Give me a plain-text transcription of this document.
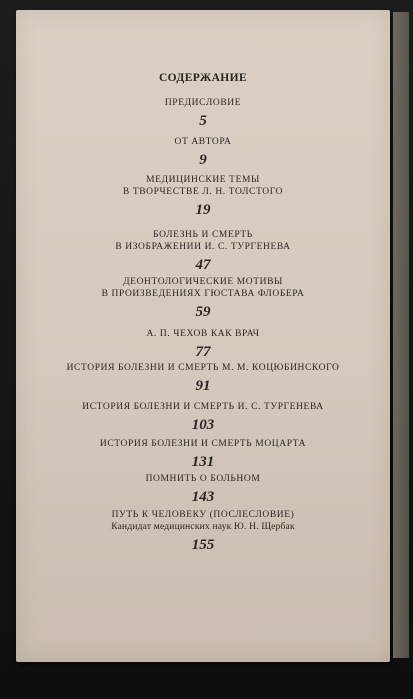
СОДЕРЖАНИЕ
ПРЕДИСЛОВИЕ
5
ОТ АВТОРА
9
МЕДИЦИНСКИЕ ТЕМЫ
В ТВОРЧЕСТВЕ Л. Н. ТОЛСТОГО
19
БОЛЕЗНЬ И СМЕРТЬ
В ИЗОБРАЖЕНИИ И. С. ТУРГЕНЕВА
47
ДЕОНТОЛОГИЧЕСКИЕ МОТИВЫ
В ПРОИЗВЕДЕНИЯХ ГЮСТАВА ФЛОБЕРА
59
А. П. ЧЕХОВ КАК ВРАЧ
77
ИСТОРИЯ БОЛЕЗНИ И СМЕРТЬ М. М. КОЦЮБИНСКОГО
91
ИСТОРИЯ БОЛЕЗНИ И СМЕРТЬ И. С. ТУРГЕНЕВА
103
ИСТОРИЯ БОЛЕЗНИ И СМЕРТЬ МОЦАРТА
131
ПОМНИТЬ О БОЛЬНОМ
143
ПУТЬ К ЧЕЛОВЕКУ (ПОСЛЕСЛОВИЕ)
Кандидат медицинских наук Ю. Н. Щербак
155
